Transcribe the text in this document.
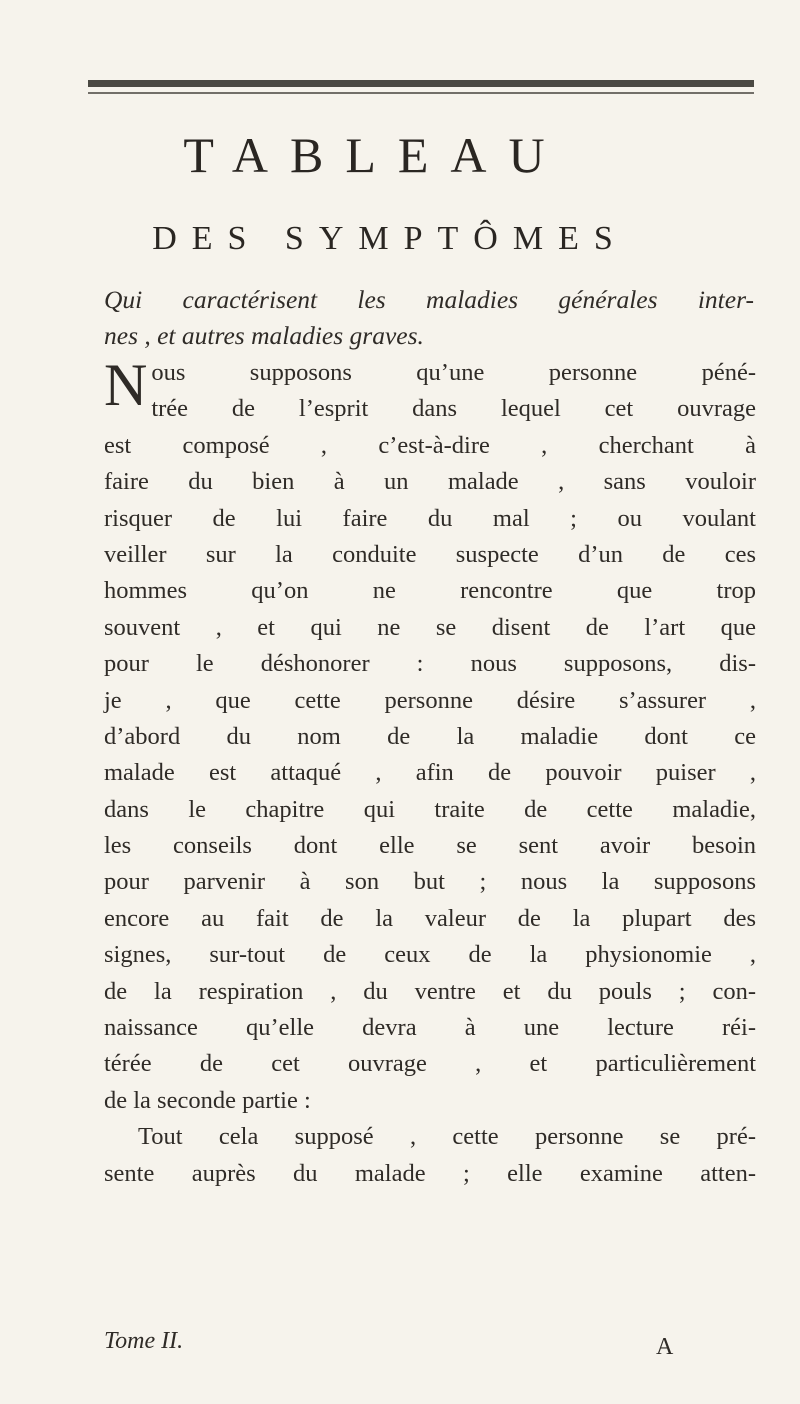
TABLEAU
DES SYMPTÔMES
Qui caractérisent les maladies générales inter-
nes , et autres maladies graves.
N ous supposons qu’une personne péné-
trée de l’esprit dans lequel cet ouvrage
est composé , c’est-à-dire , cherchant à
faire du bien à un malade , sans vouloir
risquer de lui faire du mal ; ou voulant
veiller sur la conduite suspecte d’un de ces
hommes qu’on ne rencontre que trop
souvent , et qui ne se disent de l’art que
pour le déshonorer : nous supposons, dis-
je , que cette personne désire s’assurer ,
d’abord du nom de la maladie dont ce
malade est attaqué , afin de pouvoir puiser ,
dans le chapitre qui traite de cette maladie,
les conseils dont elle se sent avoir besoin
pour parvenir à son but ; nous la supposons
encore au fait de la valeur de la plupart des
signes, sur-tout de ceux de la physionomie ,
de la respiration , du ventre et du pouls ; con-
naissance qu’elle devra à une lecture réi-
térée de cet ouvrage , et particulièrement
de la seconde partie :
Tout cela supposé , cette personne se pré-
sente auprès du malade ; elle examine atten-
Tome II.	A
